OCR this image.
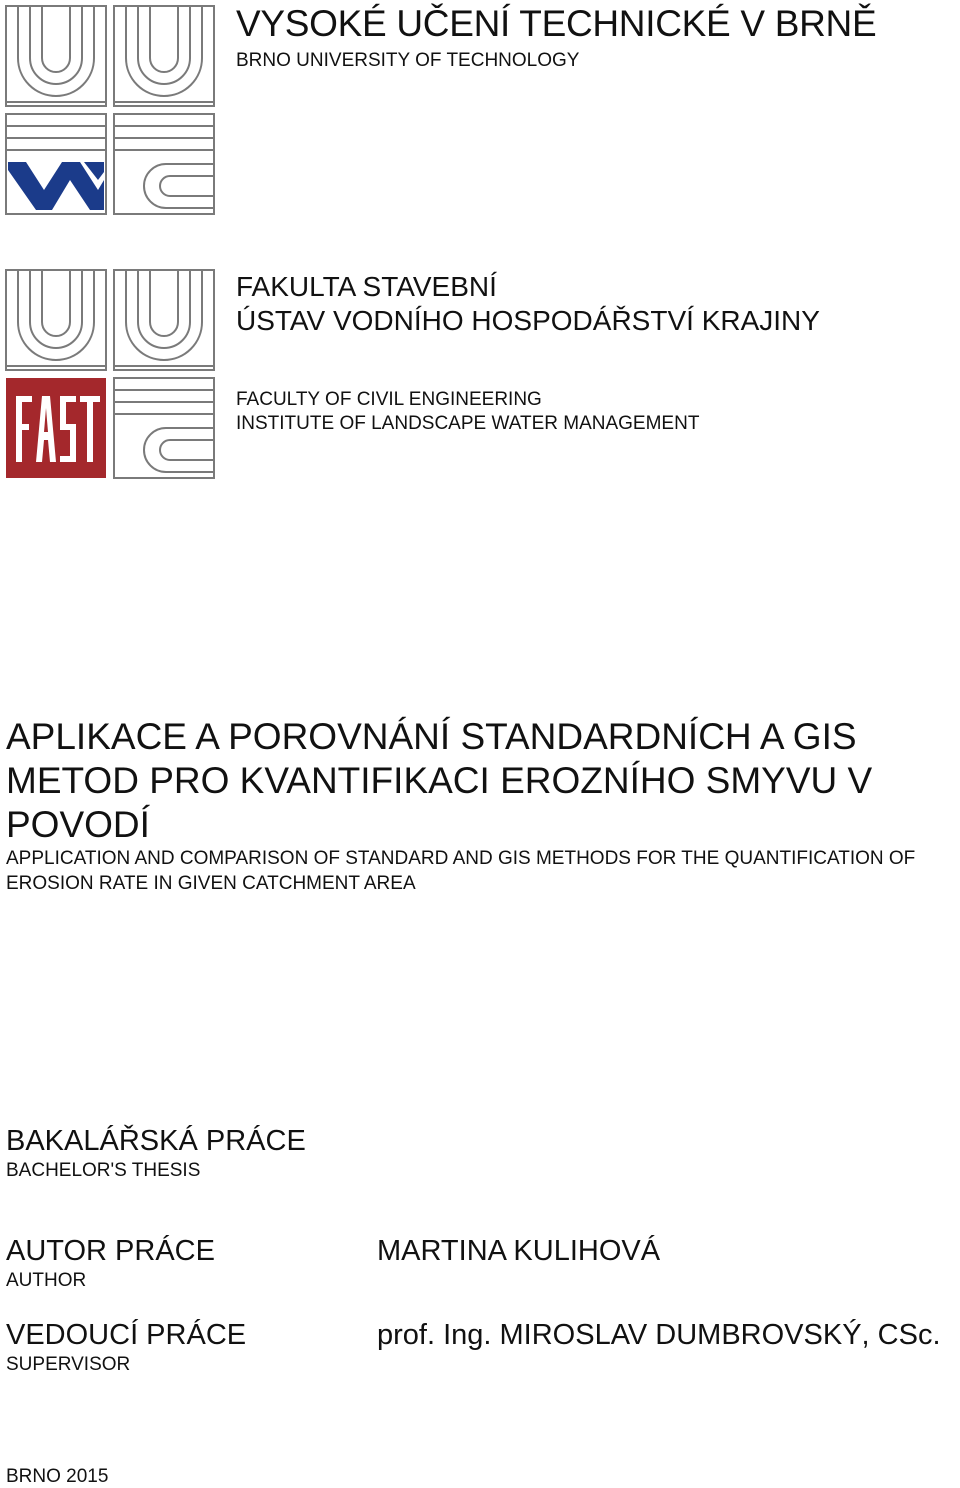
VYSOKÉ UČENÍ TECHNICKÉ V BRNĚ
BRNO UNIVERSITY OF TECHNOLOGY
FAKULTA STAVEBNÍ
ÚSTAV VODNÍHO HOSPODÁŘSTVÍ KRAJINY
FACULTY OF CIVIL ENGINEERING
INSTITUTE OF LANDSCAPE WATER MANAGEMENT
APLIKACE A POROVNÁNÍ STANDARDNÍCH A GIS METOD PRO KVANTIFIKACI EROZNÍHO SMYVU V POVODÍ
APPLICATION AND COMPARISON OF STANDARD AND GIS METHODS FOR THE QUANTIFICATION OF EROSION RATE IN GIVEN CATCHMENT AREA
BAKALÁŘSKÁ PRÁCE
BACHELOR'S THESIS
AUTOR PRÁCE
AUTHOR
MARTINA KULIHOVÁ
VEDOUCÍ PRÁCE
SUPERVISOR
prof. Ing. MIROSLAV DUMBROVSKÝ, CSc.
BRNO 2015
